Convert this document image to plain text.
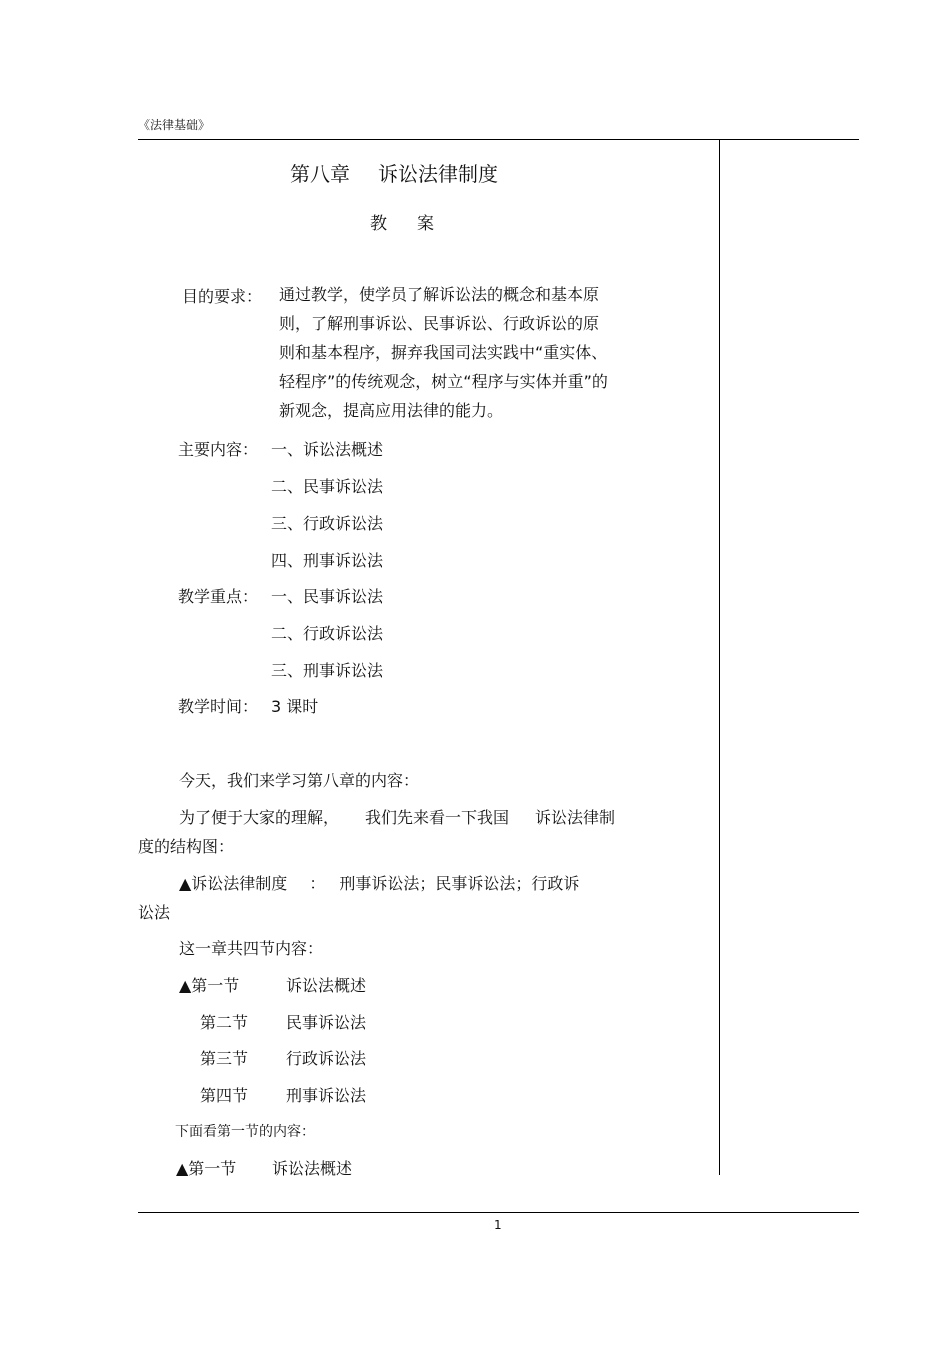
《法律基础》
第八章 诉讼法律制度
教 案
目的要求： 通过教学，使学员了解诉讼法的概念和基本原
则，了解刑事诉讼、民事诉讼、行政诉讼的原
则和基本程序，摒弃我国司法实践中“重实体、
轻程序”的传统观念，树立“程序与实体并重”的
新观念，提高应用法律的能力。
主要内容： 一、诉讼法概述
二、民事诉讼法
三、行政诉讼法
四、刑事诉讼法
教学重点： 一、民事诉讼法
二、行政诉讼法
三、刑事诉讼法
教学时间： 3 课时
今天，我们来学习第八章的内容：
为了便于大家的理解， 我们先来看一下我国 诉讼法律制
度的结构图：
▲诉讼法律制度 ： 刑事诉讼法；民事诉讼法；行政诉
讼法
这一章共四节内容：
▲第一节	诉讼法概述
第二节 民事诉讼法
第三节 行政诉讼法
第四节 刑事诉讼法
下面看第一节的内容：
▲第一节 诉讼法概述
1
